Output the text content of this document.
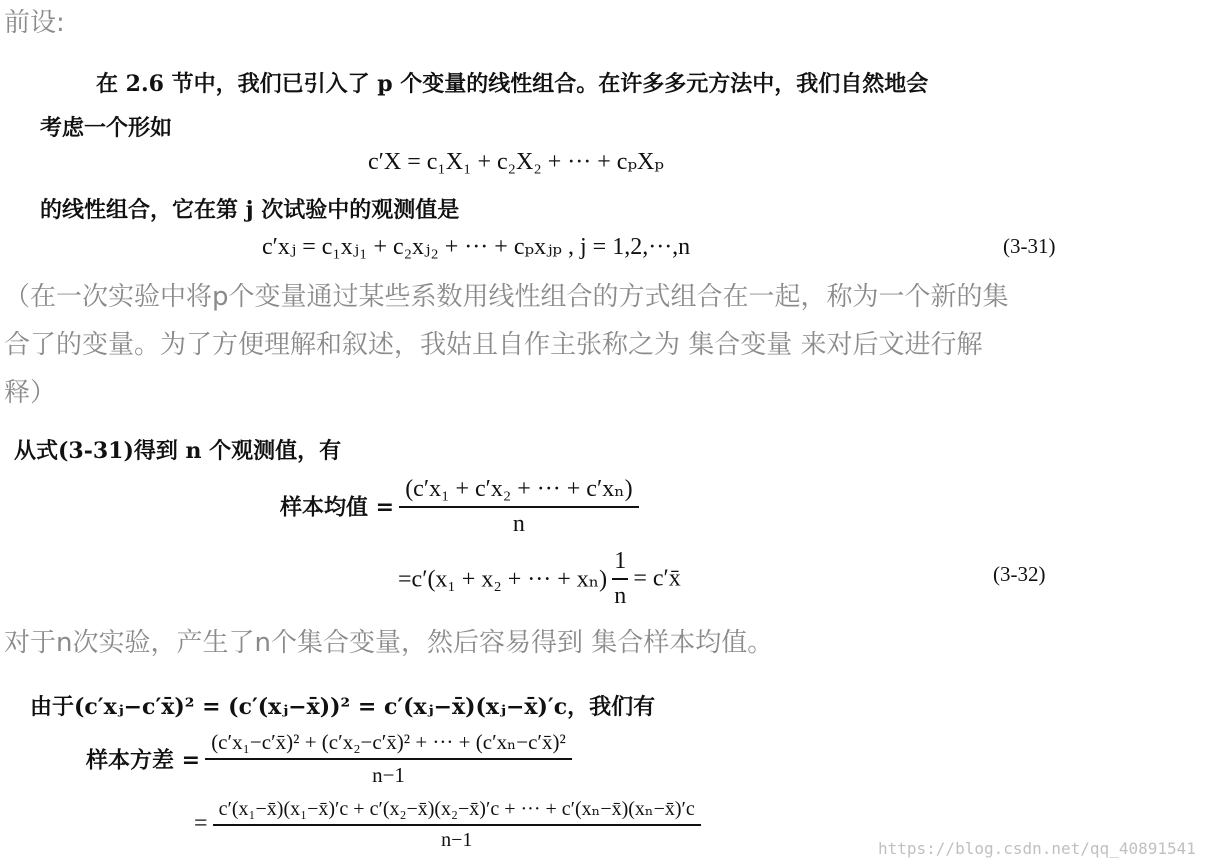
前设:
在 2.6 节中，我们已引入了 p 个变量的线性组合。在许多多元方法中，我们自然地会
考虑一个形如
c′X = c₁X₁ + c₂X₂ + ··· + cₚXₚ
的线性组合，它在第 j 次试验中的观测值是
c′xⱼ = c₁xⱼ₁ + c₂xⱼ₂ + ··· + cₚxⱼₚ , j = 1,2,···,n	(3-31)
（在一次实验中将p个变量通过某些系数用线性组合的方式组合在一起，称为一个新的集
合了的变量。为了方便理解和叙述，我姑且自作主张称之为 集合变量 来对后文进行解
释）
从式(3-31)得到 n 个观测值，有
样本均值 = $\frac{\text{(c′x₁ + c′x₂ + ··· + c′xₙ)}}{n}$
=c′(x₁ + x₂ + ··· + $x_n) \frac{1}{n}$ = c′x̄	(3-32)
对于n次实验，产生了n个集合变量，然后容易得到 集合样本均值。
由于(c′xⱼ−c′x̄)² = (c′(xⱼ−x̄))² = c′(xⱼ−x̄)(xⱼ−x̄)′c，我们有
样本方差 = $\frac{\text{(c′x₁−c′x̄)² + (c′x₂−c′x̄)² + ··· + (c′xₙ−c′x̄)²}}{n-1}$
=
c′(x₁−x̄)(x₁−x̄)′c + c′(x₂−x̄)(x₂−x̄)′c + ··· + c′(xₙ−x̄)(xₙ−x̄)′c
n−1	https://blog.csdn.net/qq_40891541
